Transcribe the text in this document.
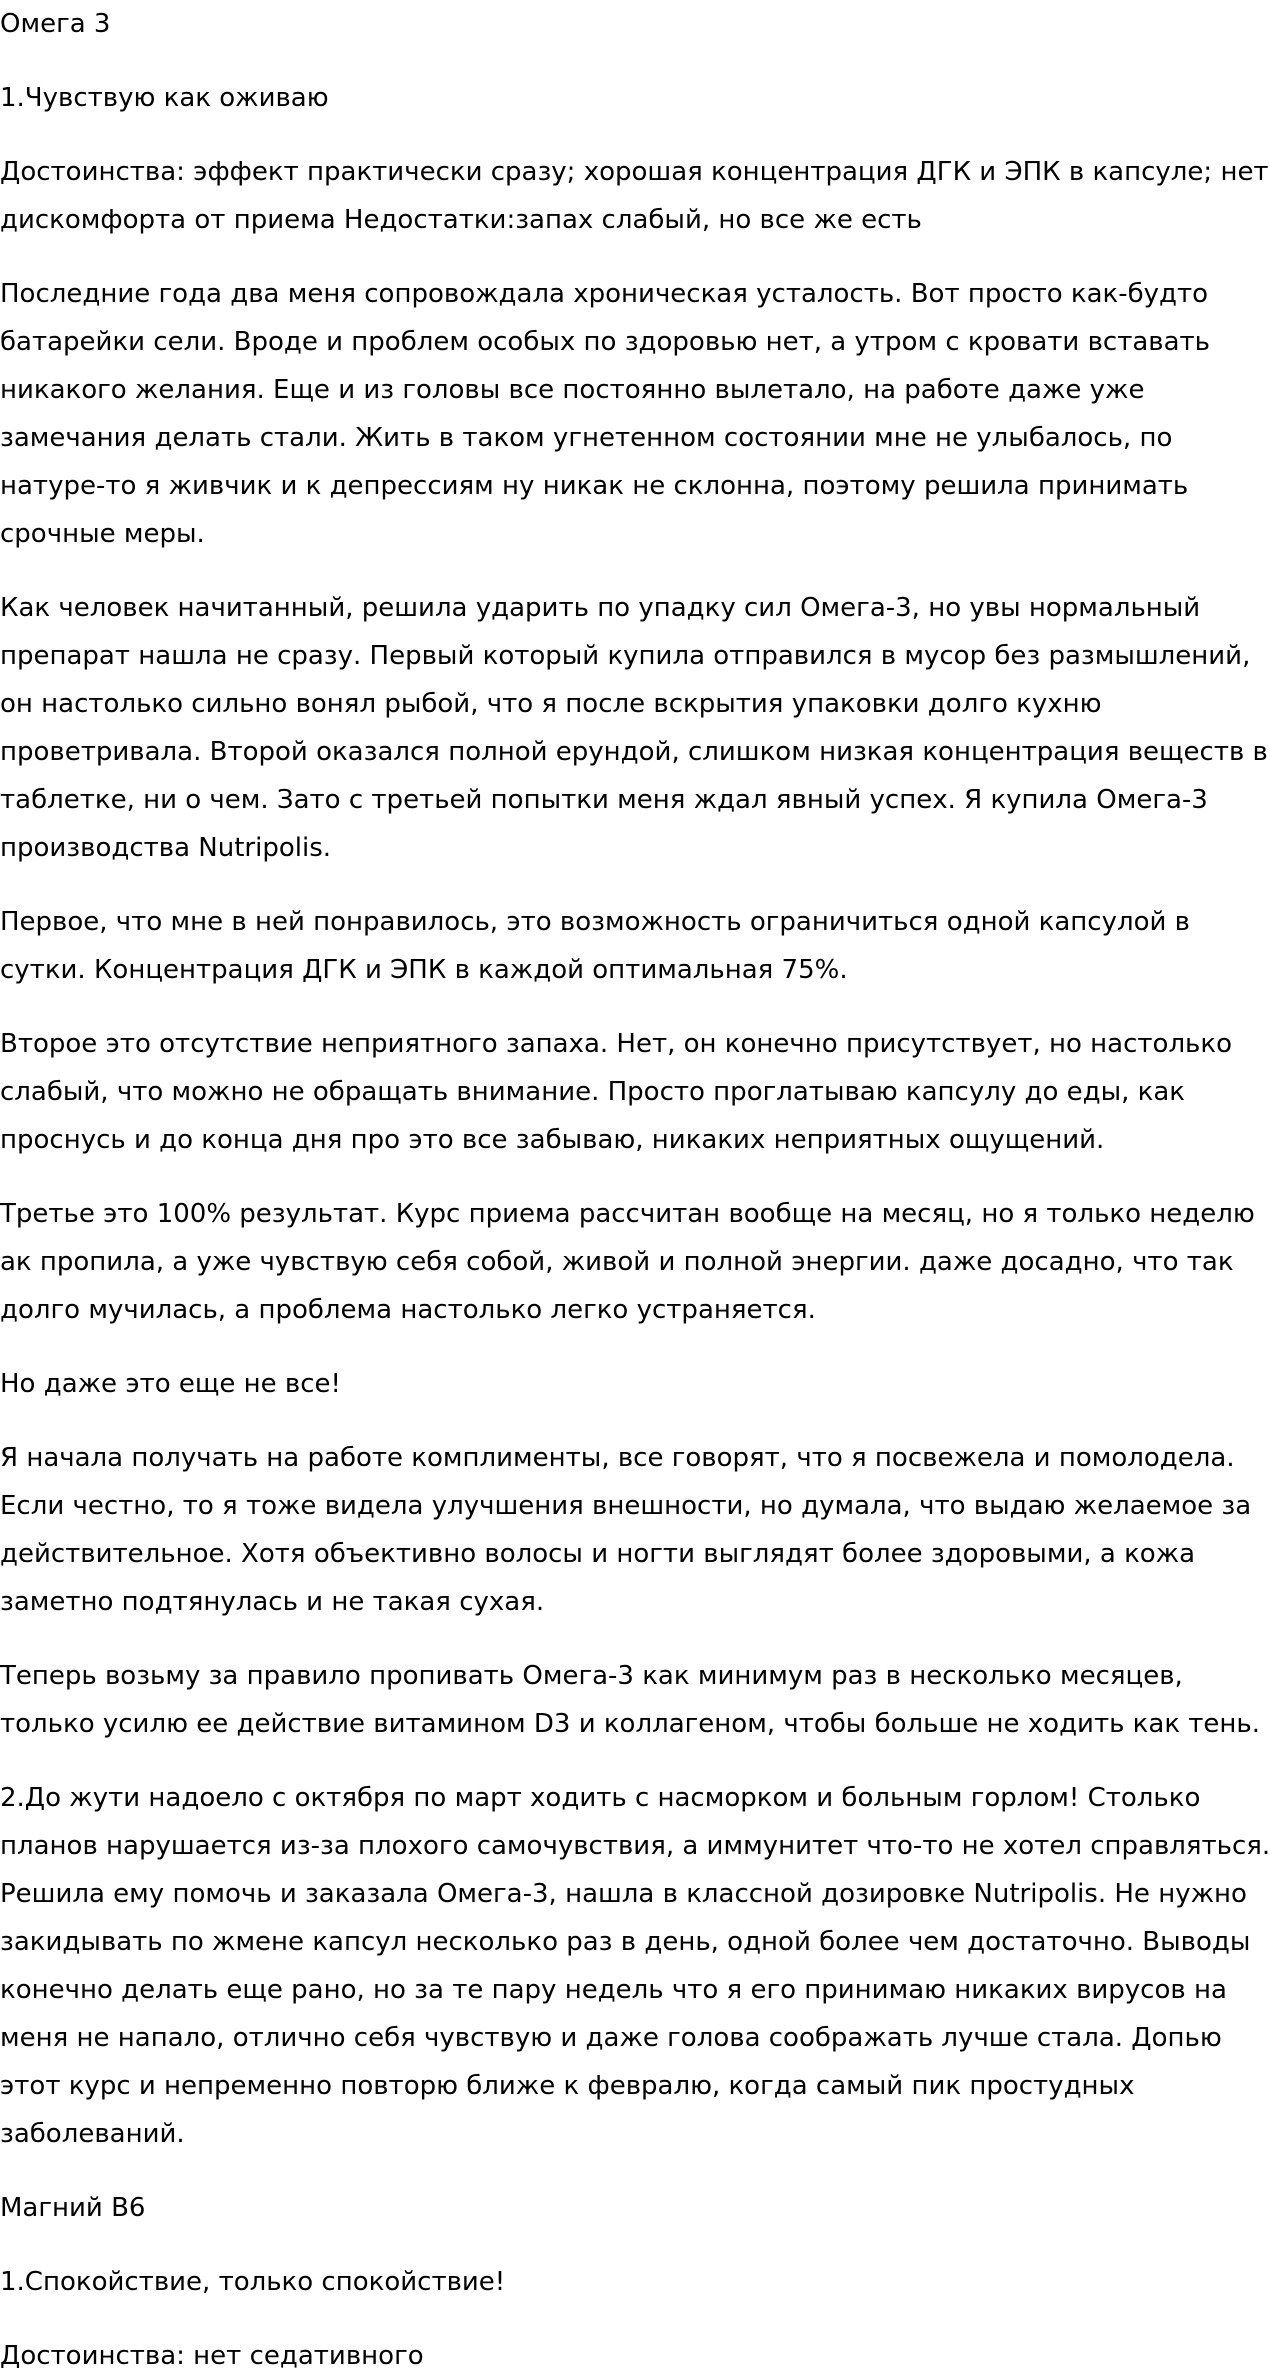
Омега 3

1.Чувствую как оживаю

Достоинства: эффект практически сразу; хорошая концентрация ДГК и ЭПК в капсуле; нет
дискомфорта от приема Недостатки:запах слабый, но все же есть

Последние года два меня сопровождала хроническая усталость. Вот просто как-будто
батарейки сели. Вроде и проблем особых по здоровью нет, а утром с кровати вставать
никакого желания. Еще и из головы все постоянно вылетало, на работе даже уже
замечания делать стали. Жить в таком угнетенном состоянии мне не улыбалось, по
натуре-то я живчик и к депрессиям ну никак не склонна, поэтому решила принимать
срочные меры.

Как человек начитанный, решила ударить по упадку сил Омега-3, но увы нормальный
препарат нашла не сразу. Первый который купила отправился в мусор без размышлений,
он настолько сильно вонял рыбой, что я после вскрытия упаковки долго кухню
проветривала. Второй оказался полной ерундой, слишком низкая концентрация веществ в
таблетке, ни о чем. Зато с третьей попытки меня ждал явный успех. Я купила Омега-3
производства Nutripolis.

Первое, что мне в ней понравилось, это возможность ограничиться одной капсулой в
сутки. Концентрация ДГК и ЭПК в каждой оптимальная 75%.

Второе это отсутствие неприятного запаха. Нет, он конечно присутствует, но настолько
слабый, что можно не обращать внимание. Просто проглатываю капсулу до еды, как
проснусь и до конца дня про это все забываю, никаких неприятных ощущений.

Третье это 100% результат. Курс приема рассчитан вообще на месяц, но я только неделю
ак пропила, а уже чувствую себя собой, живой и полной энергии. даже досадно, что так
долго мучилась, а проблема настолько легко устраняется.

Но даже это еще не все!

Я начала получать на работе комплименты, все говорят, что я посвежела и помолодела.
Если честно, то я тоже видела улучшения внешности, но думала, что выдаю желаемое за
действительное. Хотя объективно волосы и ногти выглядят более здоровыми, а кожа
заметно подтянулась и не такая сухая.

Теперь возьму за правило пропивать Омега-3 как минимум раз в несколько месяцев,
только усилю ее действие витамином D3 и коллагеном, чтобы больше не ходить как тень.

2.До жути надоело с октября по март ходить с насморком и больным горлом! Столько
планов нарушается из-за плохого самочувствия, а иммунитет что-то не хотел справляться.
Решила ему помочь и заказала Омега-3, нашла в классной дозировке Nutripolis. Не нужно
закидывать по жмене капсул несколько раз в день, одной более чем достаточно. Выводы
конечно делать еще рано, но за те пару недель что я его принимаю никаких вирусов на
меня не напало, отлично себя чувствую и даже голова соображать лучше стала. Допью
этот курс и непременно повторю ближе к февралю, когда самый пик простудных
заболеваний.

Магний B6

1.Спокойствие, только спокойствие!

Достоинства: нет седативного
